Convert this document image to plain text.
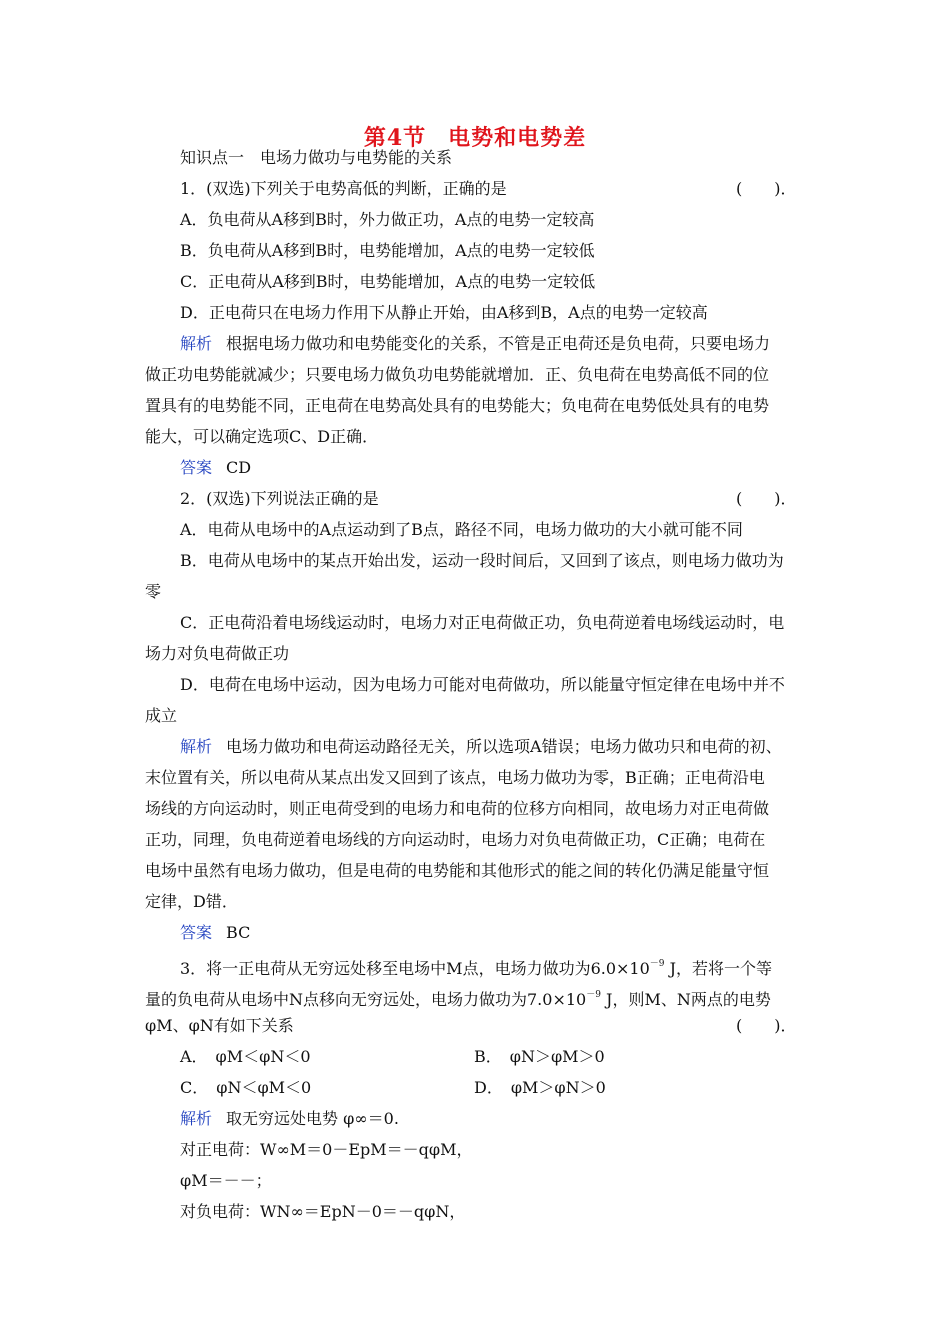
第4节 电势和电势差
知识点一　电场力做功与电势能的关系
1．(双选)下列关于电势高低的判断，正确的是	(　　)．
A．负电荷从A移到B时，外力做正功，A点的电势一定较高
B．负电荷从A移到B时，电势能增加，A点的电势一定较低
C．正电荷从A移到B时，电势能增加，A点的电势一定较低
D．正电荷只在电场力作用下从静止开始，由A移到B，A点的电势一定较高
解析 根据电场力做功和电势能变化的关系，不管是正电荷还是负电荷，只要电场力
做正功电势能就减少；只要电场力做负功电势能就增加．正、负电荷在电势高低不同的位
置具有的电势能不同，正电荷在电势高处具有的电势能大；负电荷在电势低处具有的电势
能大，可以确定选项C、D正确．
答案 CD
2．(双选)下列说法正确的是	(　　)．
A．电荷从电场中的A点运动到了B点，路径不同，电场力做功的大小就可能不同
B．电荷从电场中的某点开始出发，运动一段时间后，又回到了该点，则电场力做功为
零
C．正电荷沿着电场线运动时，电场力对正电荷做正功，负电荷逆着电场线运动时，电
场力对负电荷做正功
D．电荷在电场中运动，因为电场力可能对电荷做功，所以能量守恒定律在电场中并不
成立
解析 电场力做功和电荷运动路径无关，所以选项A错误；电场力做功只和电荷的初、
末位置有关，所以电荷从某点出发又回到了该点，电场力做功为零，B正确；正电荷沿电
场线的方向运动时，则正电荷受到的电场力和电荷的位移方向相同，故电场力对正电荷做
正功，同理，负电荷逆着电场线的方向运动时，电场力对负电荷做正功，C正确；电荷在
电场中虽然有电场力做功，但是电荷的电势能和其他形式的能之间的转化仍满足能量守恒
定律，D错．
答案 BC
3．将一正电荷从无穷远处移至电场中M点，电场力做功为$6.0\times 10^{-9}$ J，若将一个等
量的负电荷从电场中N点移向无穷远处，电场力做功为$7.0\times 10^{-9}$ J，则M、N两点的电势
φM、φN有如下关系	(　　)．
A．　φM＜φN＜0	B．　φN＞φM＞0
C．　φN＜φM＜0	D．　φM＞φN＞0
解析 取无穷远处电势 φ∞＝0.
对正电荷：W∞M＝0－EpM＝－qφM，
φM＝－－；
对负电荷：WN∞＝EpN－0＝－qφN，
